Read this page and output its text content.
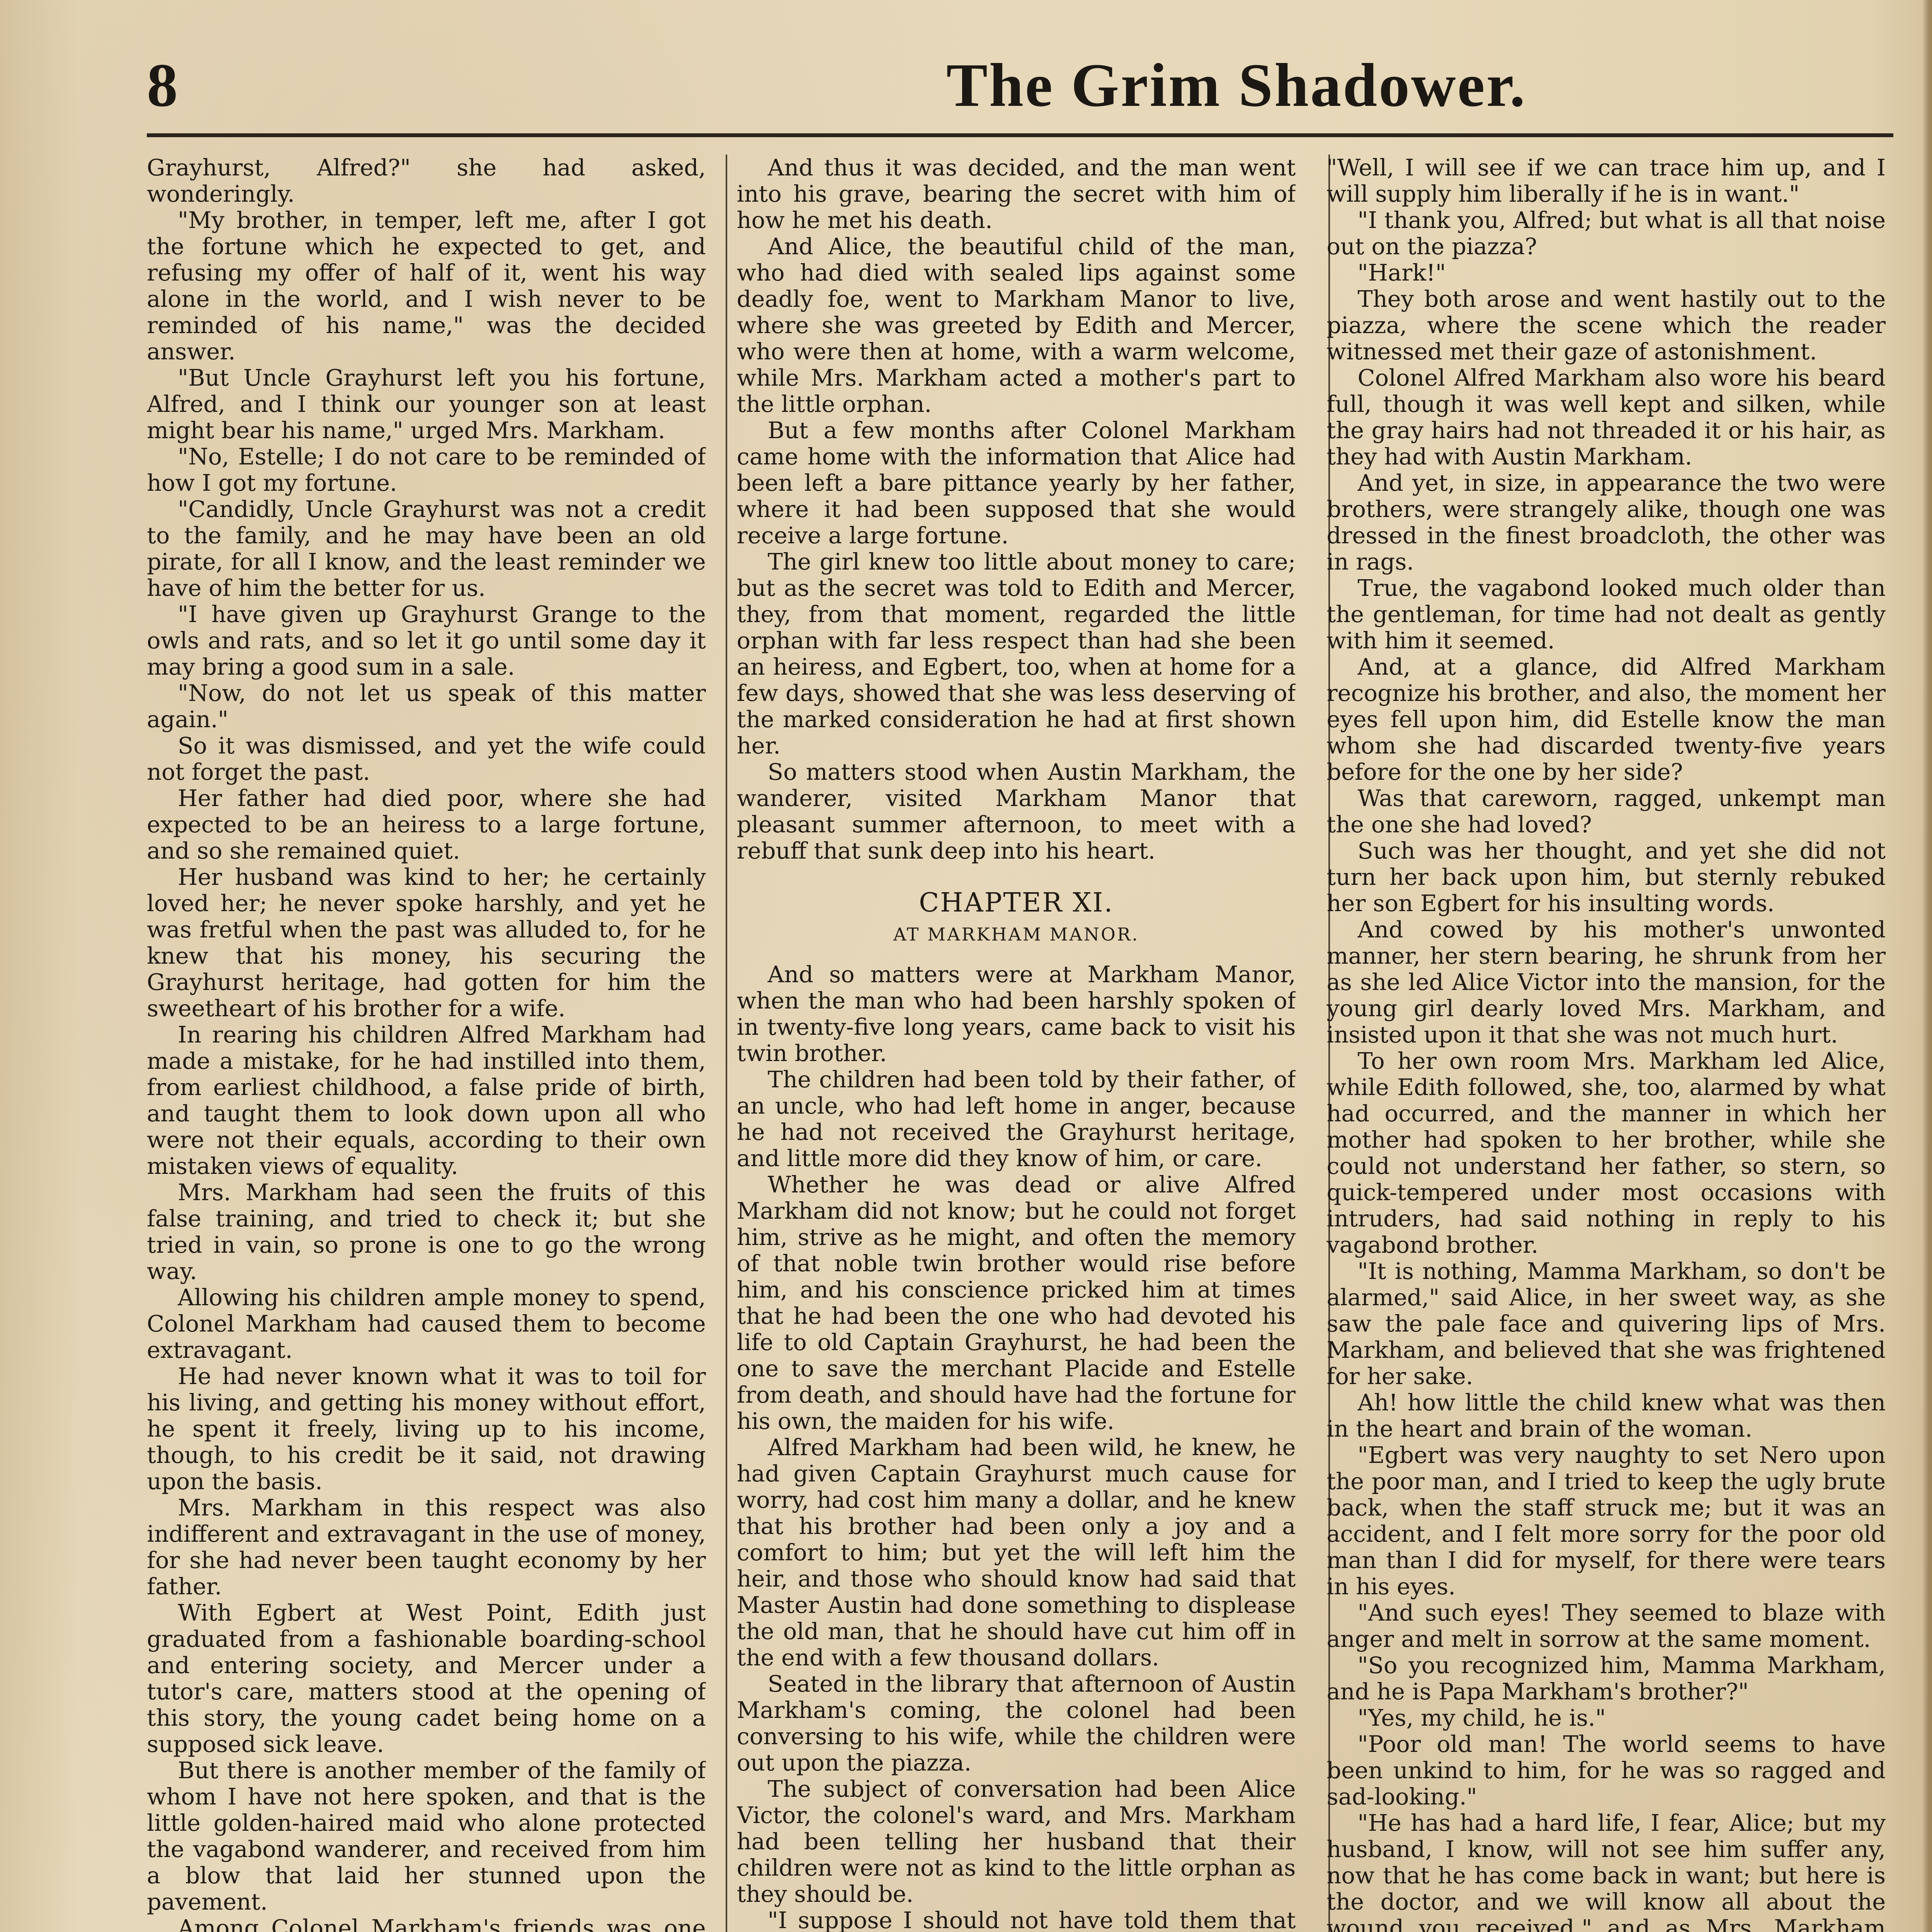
8	The Grim Shadower.

Grayhurst, Alfred?" she had asked, wonderingly.

"My brother, in temper, left me, after I got the fortune which he expected to get, and refusing my offer of half of it, went his way alone in the world, and I wish never to be reminded of his name," was the decided answer.

"But Uncle Grayhurst left you his fortune, Alfred, and I think our younger son at least might bear his name," urged Mrs. Markham.

"No, Estelle; I do not care to be reminded of how I got my fortune.

"Candidly, Uncle Grayhurst was not a credit to the family, and he may have been an old pirate, for all I know, and the least reminder we have of him the better for us.

"I have given up Grayhurst Grange to the owls and rats, and so let it go until some day it may bring a good sum in a sale.

"Now, do not let us speak of this matter again."

So it was dismissed, and yet the wife could not forget the past.

Her father had died poor, where she had expected to be an heiress to a large fortune, and so she remained quiet.

Her husband was kind to her; he certainly loved her; he never spoke harshly, and yet he was fretful when the past was alluded to, for he knew that his money, his securing the Grayhurst heritage, had gotten for him the sweetheart of his brother for a wife.

In rearing his children Alfred Markham had made a mistake, for he had instilled into them, from earliest childhood, a false pride of birth, and taught them to look down upon all who were not their equals, according to their own mistaken views of equality.

Mrs. Markham had seen the fruits of this false training, and tried to check it; but she tried in vain, so prone is one to go the wrong way.

Allowing his children ample money to spend, Colonel Markham had caused them to become extravagant.

He had never known what it was to toil for his living, and getting his money without effort, he spent it freely, living up to his income, though, to his credit be it said, not drawing upon the basis.

Mrs. Markham in this respect was also indifferent and extravagant in the use of money, for she had never been taught economy by her father.

With Egbert at West Point, Edith just graduated from a fashionable boarding-school and entering society, and Mercer under a tutor's care, matters stood at the opening of this story, the young cadet being home on a supposed sick leave.

But there is another member of the family of whom I have not here spoken, and that is the little golden-haired maid who alone protected the vagabond wanderer, and received from him a blow that laid her stunned upon the pavement.

Among Colonel Markham's friends was one

And thus it was decided, and the man went into his grave, bearing the secret with him of how he met his death.

And Alice, the beautiful child of the man, who had died with sealed lips against some deadly foe, went to Markham Manor to live, where she was greeted by Edith and Mercer, who were then at home, with a warm welcome, while Mrs. Markham acted a mother's part to the little orphan.

But a few months after Colonel Markham came home with the information that Alice had been left a bare pittance yearly by her father, where it had been supposed that she would receive a large fortune.

The girl knew too little about money to care; but as the secret was told to Edith and Mercer, they, from that moment, regarded the little orphan with far less respect than had she been an heiress, and Egbert, too, when at home for a few days, showed that she was less deserving of the marked consideration he had at first shown her.

So matters stood when Austin Markham, the wanderer, visited Markham Manor that pleasant summer afternoon, to meet with a rebuff that sunk deep into his heart.

CHAPTER XI.
AT MARKHAM MANOR.

And so matters were at Markham Manor, when the man who had been harshly spoken of in twenty-five long years, came back to visit his twin brother.

The children had been told by their father, of an uncle, who had left home in anger, because he had not received the Grayhurst heritage, and little more did they know of him, or care.

Whether he was dead or alive Alfred Markham did not know; but he could not forget him, strive as he might, and often the memory of that noble twin brother would rise before him, and his conscience pricked him at times that he had been the one who had devoted his life to old Captain Grayhurst, he had been the one to save the merchant Placide and Estelle from death, and should have had the fortune for his own, the maiden for his wife.

Alfred Markham had been wild, he knew, he had given Captain Grayhurst much cause for worry, had cost him many a dollar, and he knew that his brother had been only a joy and a comfort to him; but yet the will left him the heir, and those who should know had said that Master Austin had done something to displease the old man, that he should have cut him off in the end with a few thousand dollars.

Seated in the library that afternoon of Austin Markham's coming, the colonel had been conversing to his wife, while the children were out upon the piazza.

The subject of conversation had been Alice Victor, the colonel's ward, and Mrs. Markham had been telling her husband that their children were not as kind to the little orphan as they should be.

"I suppose I should not have told them that

"Well, I will see if we can trace him up, and I will supply him liberally if he is in want."

"I thank you, Alfred; but what is all that noise out on the piazza?

"Hark!"

They both arose and went hastily out to the piazza, where the scene which the reader witnessed met their gaze of astonishment.

Colonel Alfred Markham also wore his beard full, though it was well kept and silken, while the gray hairs had not threaded it or his hair, as they had with Austin Markham.

And yet, in size, in appearance the two were brothers, were strangely alike, though one was dressed in the finest broadcloth, the other was in rags.

True, the vagabond looked much older than the gentleman, for time had not dealt as gently with him it seemed.

And, at a glance, did Alfred Markham recognize his brother, and also, the moment her eyes fell upon him, did Estelle know the man whom she had discarded twenty-five years before for the one by her side?

Was that careworn, ragged, unkempt man the one she had loved?

Such was her thought, and yet she did not turn her back upon him, but sternly rebuked her son Egbert for his insulting words.

And cowed by his mother's unwonted manner, her stern bearing, he shrunk from her as she led Alice Victor into the mansion, for the young girl dearly loved Mrs. Markham, and insisted upon it that she was not much hurt.

To her own room Mrs. Markham led Alice, while Edith followed, she, too, alarmed by what had occurred, and the manner in which her mother had spoken to her brother, while she could not understand her father, so stern, so quick-tempered under most occasions with intruders, had said nothing in reply to his vagabond brother.

"It is nothing, Mamma Markham, so don't be alarmed," said Alice, in her sweet way, as she saw the pale face and quivering lips of Mrs. Markham, and believed that she was frightened for her sake.

Ah! how little the child knew what was then in the heart and brain of the woman.

"Egbert was very naughty to set Nero upon the poor man, and I tried to keep the ugly brute back, when the staff struck me; but it was an accident, and I felt more sorry for the poor old man than I did for myself, for there were tears in his eyes.

"And such eyes! They seemed to blaze with anger and melt in sorrow at the same moment.

"So you recognized him, Mamma Markham, and he is Papa Markham's brother?"

"Yes, my child, he is."

"Poor old man! The world seems to have been unkind to him, for he was so ragged and sad-looking."

"He has had a hard life, I fear, Alice; but my husband, I know, will not see him suffer any, now that he has come back in want; but here is the doctor, and we will know all about the wound you received," and as Mrs. Markham
